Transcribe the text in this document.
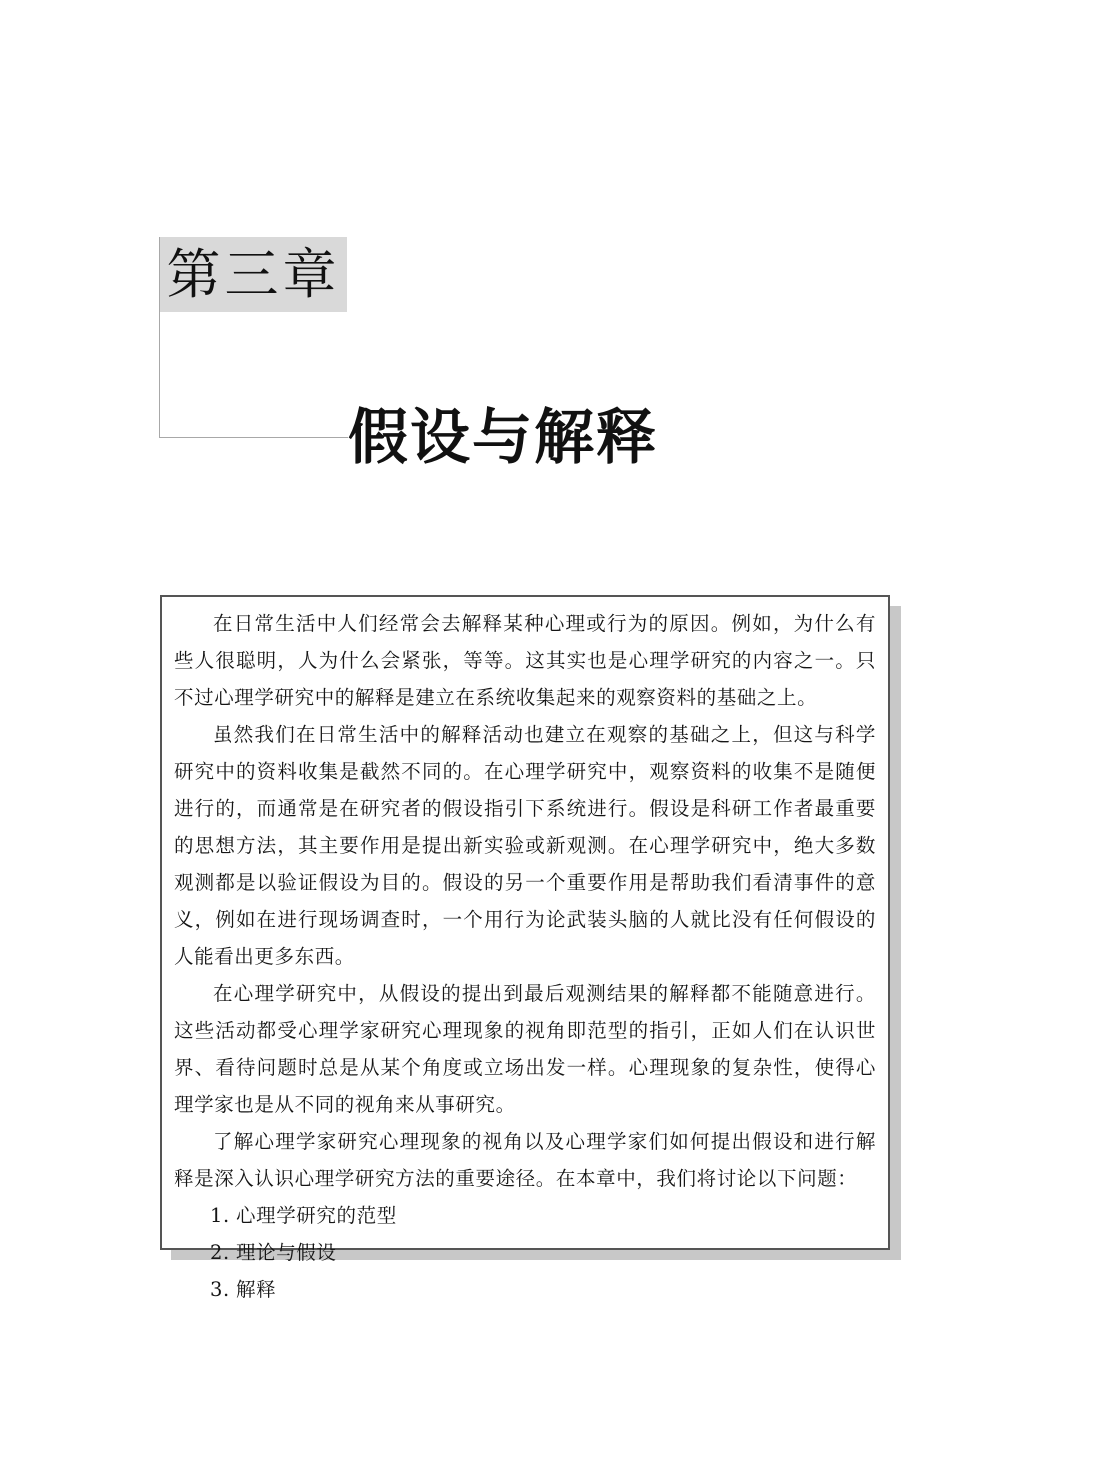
第三章
假设与解释

在日常生活中人们经常会去解释某种心理或行为的原因。例如，为什么有些人很聪明，人为什么会紧张，等等。这其实也是心理学研究的内容之一。只不过心理学研究中的解释是建立在系统收集起来的观察资料的基础之上。

虽然我们在日常生活中的解释活动也建立在观察的基础之上，但这与科学研究中的资料收集是截然不同的。在心理学研究中，观察资料的收集不是随便进行的，而通常是在研究者的假设指引下系统进行。假设是科研工作者最重要的思想方法，其主要作用是提出新实验或新观测。在心理学研究中，绝大多数观测都是以验证假设为目的。假设的另一个重要作用是帮助我们看清事件的意义，例如在进行现场调查时，一个用行为论武装头脑的人就比没有任何假设的人能看出更多东西。

在心理学研究中，从假设的提出到最后观测结果的解释都不能随意进行。这些活动都受心理学家研究心理现象的视角即范型的指引，正如人们在认识世界、看待问题时总是从某个角度或立场出发一样。心理现象的复杂性，使得心理学家也是从不同的视角来从事研究。

了解心理学家研究心理现象的视角以及心理学家们如何提出假设和进行解释是深入认识心理学研究方法的重要途径。在本章中，我们将讨论以下问题：

1. 心理学研究的范型
2. 理论与假设
3. 解释
